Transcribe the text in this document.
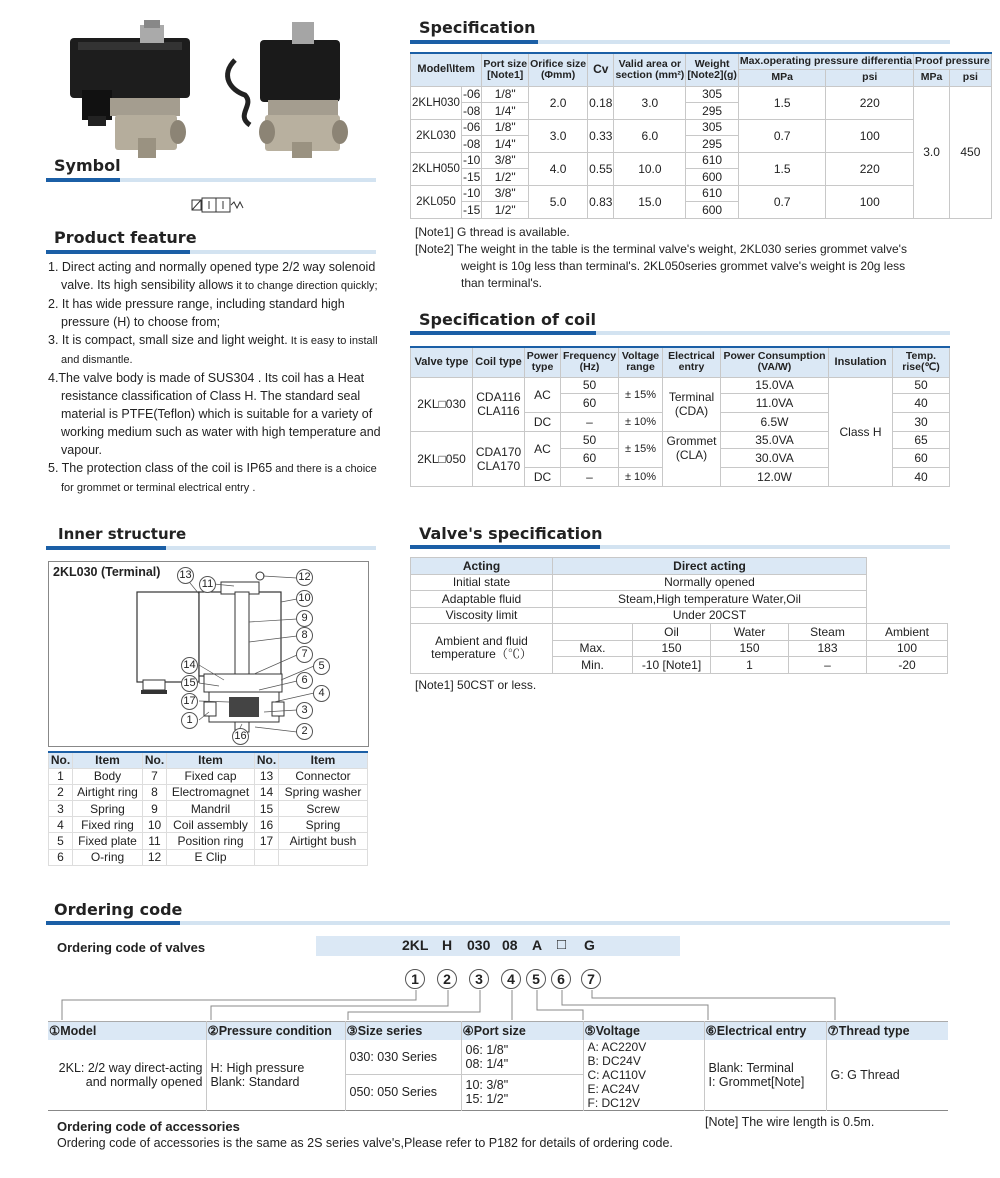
Symbol
Product feature
1. Direct acting and normally opened type 2/2 way solenoid valve. Its high sensibility allows it to change direction quickly;
2. It has wide pressure range, including standard high pressure (H) to choose from;
3. It is compact, small size and light weight. It is easy to install and dismantle.
4.The valve body is made of SUS304 . Its coil has a Heat resistance classification of Class H. The standard seal material is PTFE(Teflon) which is suitable for a variety of working medium such as water with high temperature and vapour.
5. The protection class of the coil is IP65 and there is a choice for grommet or terminal electrical entry .
Inner structure
2KL030 (Terminal) 13
11
12
10
9
8
7
5
6
4
3
2
16
14
15
17
1
No.	Item	No.	Item	No.	Item
1	Body	7	Fixed cap	13	Connector
2	Airtight ring	8	Electromagnet	14	Spring washer
3	Spring	9	Mandril	15	Screw
4	Fixed ring	10	Coil assembly	16	Spring
5	Fixed plate	11	Position ring	17	Airtight bush
6	O-ring	12	E Clip		
Specification
Model\Item		Port size
[Note1]	Orifice size
(Φmm)	Cv	Valid area or
section (mm²)	Weight
[Note2](g)	Max.operating pressure differentia		Proof pressure	
							MPa	psi	MPa	psi
2KLH030	-06	1/8"	2.0	0.18	3.0	305	1.5	220	3.0	450
	-08	1/4"				295				
2KL030	-06	1/8"	3.0	0.33	6.0	305	0.7	100		
	-08	1/4"				295				
2KLH050	-10	3/8"	4.0	0.55	10.0	610	1.5	220		
	-15	1/2"				600				
2KL050	-10	3/8"	5.0	0.83	15.0	610	0.7	100		
	-15	1/2"				600				
[Note1] G thread is available.
[Note2] The weight in the table is the terminal valve's weight, 2KL030 series grommet valve's
weight is 10g less than terminal's. 2KL050series grommet valve's weight is 20g less
than terminal's.
Specification of coil
Valve type	Coil type	Power
type	Frequency
(Hz)	Voltage
range	Electrical
entry	Power Consumption
(VA/W)	Insulation	Temp.
rise(℃)
2KL□030	CDA116
CLA116	AC	50	± 15%	Terminal
(CDA)	15.0VA	Class H	50
			60			11.0VA		40
		DC	–	± 10%		6.5W		30
2KL□050	CDA170
CLA170	AC	50	± 15%	Grommet
(CLA)	35.0VA		65
			60			30.0VA		60
		DC	–	± 10%		12.0W		40
Valve's specification
Acting	Direct acting				
Initial state	Normally opened				
Adaptable fluid	Steam,High temperature Water,Oil				
Viscosity limit	Under 20CST				
Ambient and fluid
temperature（℃）		Oil	Water	Steam	Ambient
	Max.	150	150	183	100
	Min.	-10 [Note1]	1	–	-20
[Note1] 50CST or less.
Ordering code
Ordering code of valves	2KL H 030 08 A □ G
1	2	3	4	5	6	7
①Model	②Pressure condition	③Size series	④Port size	⑤Voltage	⑥Electrical entry	⑦Thread type
2KL: 2/2 way direct-acting
and normally opened	H: High pressure
Blank: Standard	030: 030 Series	06: 1/8"
08: 1/4"	A: AC220V
B: DC24V
C: AC110V
E: AC24V
F: DC12V	Blank: Terminal
I: Grommet[Note]	G: G Thread
		050: 050 Series	10: 3/8"
15: 1/2"			
Ordering code of accessories	[Note] The wire length is 0.5m.
Ordering code of accessories is the same as 2S series valve's,Please refer to P182 for details of ordering code.
